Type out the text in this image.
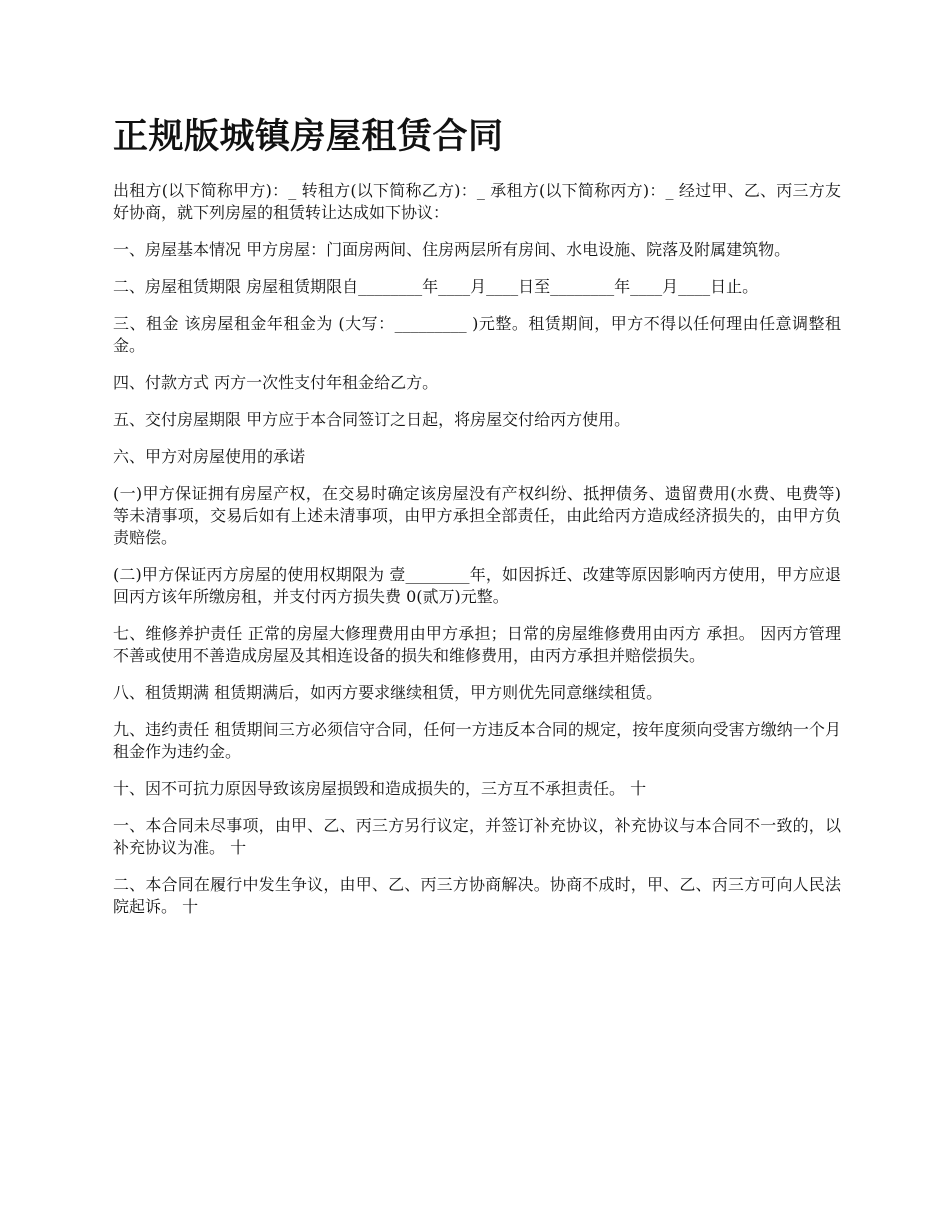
正规版城镇房屋租赁合同

出租方(以下简称甲方)：_ 转租方(以下简称乙方)：_ 承租方(以下简称丙方)：_ 经过甲、乙、丙三方友好协商，就下列房屋的租赁转让达成如下协议：

一、房屋基本情况 甲方房屋：门面房两间、住房两层所有房间、水电设施、院落及附属建筑物。

二、房屋租赁期限 房屋租赁期限自________年____月____日至________年____月____日止。

三、租金 该房屋租金年租金为 (大写：_________ )元整。租赁期间，甲方不得以任何理由任意调整租金。

四、付款方式 丙方一次性支付年租金给乙方。

五、交付房屋期限 甲方应于本合同签订之日起，将房屋交付给丙方使用。

六、甲方对房屋使用的承诺

(一)甲方保证拥有房屋产权，在交易时确定该房屋没有产权纠纷、抵押债务、遗留费用(水费、电费等)等未清事项，交易后如有上述未清事项，由甲方承担全部责任，由此给丙方造成经济损失的，由甲方负责赔偿。

(二)甲方保证丙方房屋的使用权期限为 壹________年，如因拆迁、改建等原因影响丙方使用，甲方应退回丙方该年所缴房租，并支付丙方损失费 0(贰万)元整。

七、维修养护责任 正常的房屋大修理费用由甲方承担；日常的房屋维修费用由丙方 承担。 因丙方管理不善或使用不善造成房屋及其相连设备的损失和维修费用，由丙方承担并赔偿损失。

八、租赁期满 租赁期满后，如丙方要求继续租赁，甲方则优先同意继续租赁。

九、违约责任 租赁期间三方必须信守合同，任何一方违反本合同的规定，按年度须向受害方缴纳一个月租金作为违约金。

十、因不可抗力原因导致该房屋损毁和造成损失的，三方互不承担责任。 十

一、本合同未尽事项，由甲、乙、丙三方另行议定，并签订补充协议，补充协议与本合同不一致的，以补充协议为准。 十

二、本合同在履行中发生争议，由甲、乙、丙三方协商解决。协商不成时，甲、乙、丙三方可向人民法院起诉。 十
